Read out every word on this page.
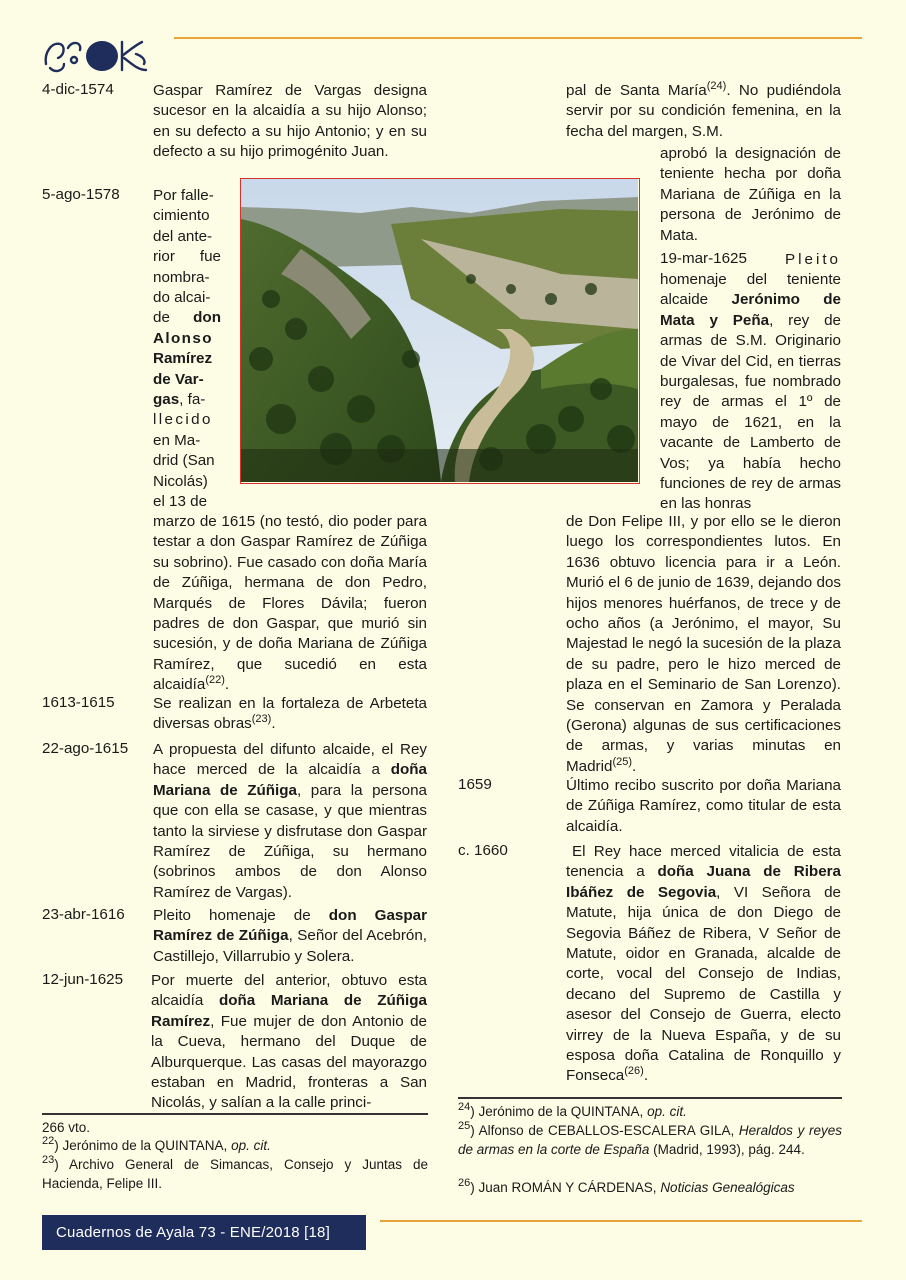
4-dic-1574	Gaspar Ramírez de Vargas designa sucesor en la alcaidía a su hijo Alonso; en su defecto a su hijo Antonio; y en su defecto a su hijo primogénito Juan.
5-ago-1578 Por falle-
cimiento
del ante-
rior fue
nombra-
do alcai-
de don
Alonso
Ramírez
de Var-
gas, fa-
llecido
en Ma-
drid (San
Nicolás)
el 13 de
marzo de 1615 (no testó, dio poder para testar a don Gaspar Ramírez de Zúñiga su sobrino). Fue casado con doña María de Zúñiga, hermana de don Pedro, Marqués de Flores Dávila; fueron padres de don Gaspar, que murió sin sucesión, y de doña Mariana de Zúñiga Ramírez, que sucedió en esta alcaidía$^{(22)}$.
1613-1615	Se realizan en la fortaleza de Arbeteta diversas obras$^{(23)}$.
22-ago-1615 A propuesta del difunto alcaide, el Rey hace merced de la alcaidía a doña Mariana de Zúñiga, para la persona que con ella se casase, y que mientras tanto la sirviese y disfrutase don Gaspar Ramírez de Zúñiga, su hermano (sobrinos ambos de don Alonso Ramírez de Vargas).
23-abr-1616 Pleito homenaje de don Gaspar Ramírez de Zúñiga, Señor del Acebrón, Castillejo, Villarrubio y Solera.
12-jun-1625 Por muerte del anterior, obtuvo esta alcaidía doña Mariana de Zúñiga Ramírez, Fue mujer de don Antonio de la Cueva, hermano del Duque de Alburquerque. Las casas del mayorazgo estaban en Madrid, fronteras a San Nicolás, y salían a la calle princi-
266 vto.
$^{22}$) Jerónimo de la QUINTANA, op. cit.
$^{23}$) Archivo General de Simancas, Consejo y Juntas de Hacienda, Felipe III.
pal de Santa María$^{(24)}$. No pudiéndola servir por su condición femenina, en la fecha del margen, S.M.
aprobó la designación de teniente hecha por doña Mariana de Zúñiga en la persona de Jerónimo de Mata.
19-mar-1625	Pleito
homenaje del teniente alcaide Jerónimo de Mata y Peña, rey de armas de S.M. Originario de Vivar del Cid, en tierras burgalesas, fue nombrado rey de armas el 1º de mayo de 1621, en la vacante de Lamberto de Vos; ya había hecho funciones de rey de armas en las honras
de Don Felipe III, y por ello se le dieron luego los correspondientes lutos. En 1636 obtuvo licencia para ir a León. Murió el 6 de junio de 1639, dejando dos hijos menores huérfanos, de trece y de ocho años (a Jerónimo, el mayor, Su Majestad le negó la sucesión de la plaza de su padre, pero le hizo merced de plaza en el Seminario de San Lorenzo). Se conservan en Zamora y Peralada (Gerona) algunas de sus certificaciones de armas, y varias minutas en Madrid$^{(25)}$.
1659	Último recibo suscrito por doña Mariana de Zúñiga Ramírez, como titular de esta alcaidía.
c. 1660	El Rey hace merced vitalicia de esta tenencia a doña Juana de Ribera Ibáñez de Segovia, VI Señora de Matute, hija única de don Diego de Segovia Báñez de Ribera, V Señor de Matute, oidor en Granada, alcalde de corte, vocal del Consejo de Indias, decano del Supremo de Castilla y asesor del Consejo de Guerra, electo virrey de la Nueva España, y de su esposa doña Catalina de Ronquillo y Fonseca$^{(26)}$.
$^{24}$) Jerónimo de la QUINTANA, op. cit.
$^{25}$) Alfonso de CEBALLOS-ESCALERA GILA, Heraldos y reyes de armas en la corte de España (Madrid, 1993), pág. 244.
$^{26}$) Juan ROMÁN Y CÁRDENAS, Noticias Genealógicas
Cuadernos de Ayala 73 - ENE/2018 [18]
